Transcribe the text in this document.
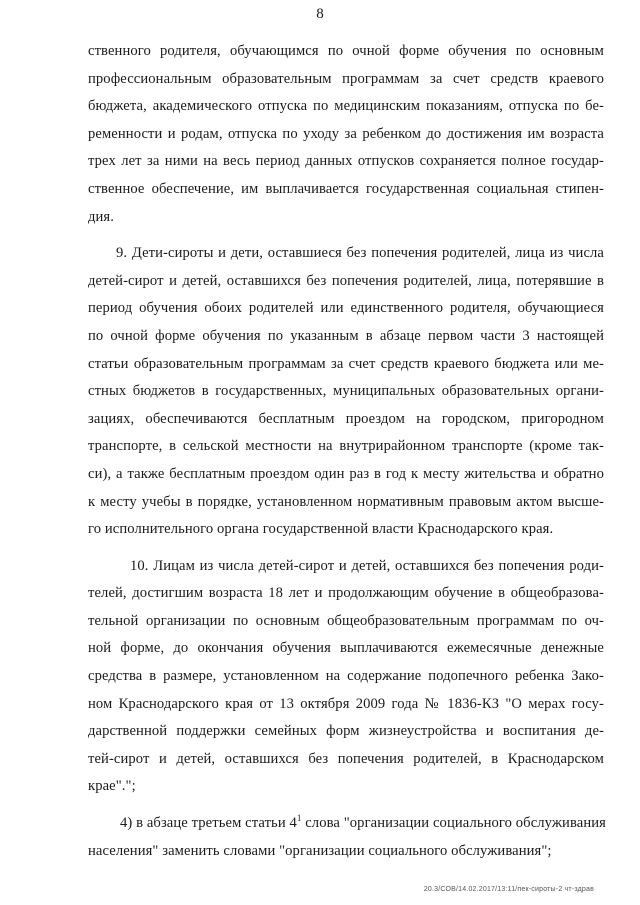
8
ственного родителя, обучающимся по очной форме обучения по основным
профессиональным образовательным программам за счет средств краевого
бюджета, академического отпуска по медицинским показаниям, отпуска по бе-
ременности и родам, отпуска по уходу за ребенком до достижения им возраста
трех лет за ними на весь период данных отпусков сохраняется полное государ-
ственное обеспечение, им выплачивается государственная социальная стипен-
дия.
9. Дети-сироты и дети, оставшиеся без попечения родителей, лица из числа
детей-сирот и детей, оставшихся без попечения родителей, лица, потерявшие в
период обучения обоих родителей или единственного родителя, обучающиеся
по очной форме обучения по указанным в абзаце первом части 3 настоящей
статьи образовательным программам за счет средств краевого бюджета или ме-
стных бюджетов в государственных, муниципальных образовательных органи-
зациях, обеспечиваются бесплатным проездом на городском, пригородном
транспорте, в сельской местности на внутрирайонном транспорте (кроме так-
си), а также бесплатным проездом один раз в год к месту жительства и обратно
к месту учебы в порядке, установленном нормативным правовым актом высше-
го исполнительного органа государственной власти Краснодарского края.
10. Лицам из числа детей-сирот и детей, оставшихся без попечения роди-
телей, достигшим возраста 18 лет и продолжающим обучение в общеобразова-
тельной организации по основным общеобразовательным программам по оч-
ной форме, до окончания обучения выплачиваются ежемесячные денежные
средства в размере, установленном на содержание подопечного ребенка Зако-
ном Краснодарского края от 13 октября 2009 года № 1836-КЗ "О мерах госу-
дарственной поддержки семейных форм жизнеустройства и воспитания де-
тей-сирот и детей, оставшихся без попечения родителей, в Краснодарском
крае".";
4) в абзаце третьем статьи $4^1$ слова "организации социального обслуживания
населения" заменить словами "организации социального обслуживания";
20.3/СОВ/14.02.2017/13:11/пек-сироты-2 чт-здрав
